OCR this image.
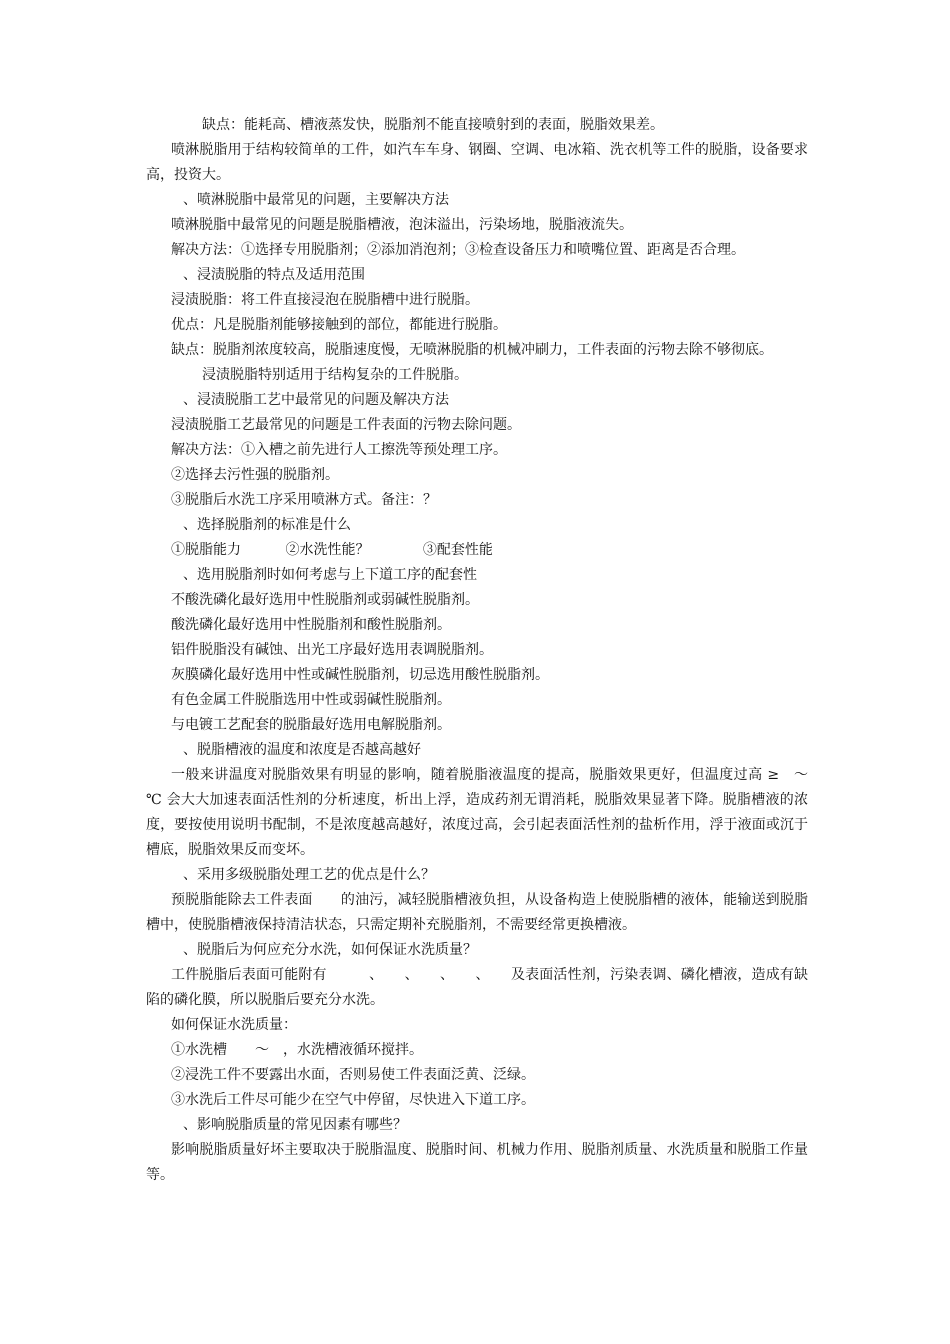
缺点：能耗高、槽液蒸发快，脱脂剂不能直接喷射到的表面，脱脂效果差。

喷淋脱脂用于结构较简单的工件，如汽车车身、钢圈、空调、电冰箱、洗衣机等工件的脱脂，设备要求高，投资大。

、喷淋脱脂中最常见的问题，主要解决方法

喷淋脱脂中最常见的问题是脱脂槽液，泡沫溢出，污染场地，脱脂液流失。

解决方法：①选择专用脱脂剂；②添加消泡剂；③检查设备压力和喷嘴位置、距离是否合理。

、浸渍脱脂的特点及适用范围

浸渍脱脂：将工件直接浸泡在脱脂槽中进行脱脂。

优点：凡是脱脂剂能够接触到的部位，都能进行脱脂。

缺点：脱脂剂浓度较高，脱脂速度慢，无喷淋脱脂的机械冲刷力，工件表面的污物去除不够彻底。

浸渍脱脂特别适用于结构复杂的工件脱脂。

、浸渍脱脂工艺中最常见的问题及解决方法

浸渍脱脂工艺最常见的问题是工件表面的污物去除问题。

解决方法：①入槽之前先进行人工擦洗等预处理工序。

②选择去污性强的脱脂剂。

③脱脂后水洗工序采用喷淋方式。备注：？

、选择脱脂剂的标准是什么

①脱脂能力          ②水洗性能？            ③配套性能

、选用脱脂剂时如何考虑与上下道工序的配套性

不酸洗磷化最好选用中性脱脂剂或弱碱性脱脂剂。

酸洗磷化最好选用中性脱脂剂和酸性脱脂剂。

铝件脱脂没有碱蚀、出光工序最好选用表调脱脂剂。

灰膜磷化最好选用中性或碱性脱脂剂，切忌选用酸性脱脂剂。

有色金属工件脱脂选用中性或弱碱性脱脂剂。

与电镀工艺配套的脱脂最好选用电解脱脂剂。

、脱脂槽液的温度和浓度是否越高越好

一般来讲温度对脱脂效果有明显的影响，随着脱脂液温度的提高，脱脂效果更好，但温度过高 ≥　～　℃ 会大大加速表面活性剂的分析速度，析出上浮，造成药剂无谓消耗，脱脂效果显著下降。脱脂槽液的浓度，要按使用说明书配制，不是浓度越高越好，浓度过高，会引起表面活性剂的盐析作用，浮于液面或沉于槽底，脱脂效果反而变坏。

、采用多级脱脂处理工艺的优点是什么？

预脱脂能除去工件表面　　的油污，减轻脱脂槽液负担，从设备构造上使脱脂槽的液体，能输送到脱脂槽中，使脱脂槽液保持清洁状态，只需定期补充脱脂剂，不需要经常更换槽液。

、脱脂后为何应充分水洗，如何保证水洗质量？

工件脱脂后表面可能附有　　　、　　、　　、　　、　　及表面活性剂，污染表调、磷化槽液，造成有缺陷的磷化膜，所以脱脂后要充分水洗。

如何保证水洗质量：

①水洗槽　　～　，水洗槽液循环搅拌。

②浸洗工件不要露出水面，否则易使工件表面泛黄、泛绿。

③水洗后工件尽可能少在空气中停留，尽快进入下道工序。

、影响脱脂质量的常见因素有哪些？

影响脱脂质量好坏主要取决于脱脂温度、脱脂时间、机械力作用、脱脂剂质量、水洗质量和脱脂工作量等。
